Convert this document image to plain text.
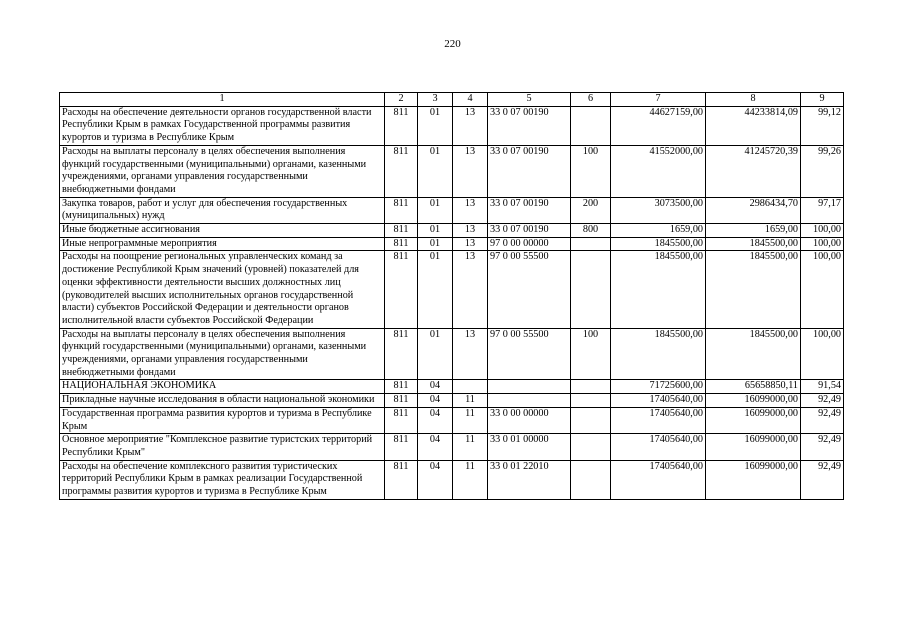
220
1	2	3	4	5	6	7	8	9
Расходы на обеспечение деятельности органов государственной власти Республики Крым в рамках Государственной программы развития курортов и туризма в Республике Крым	811	01	13	33 0 07 00190		44627159,00	44233814,09	99,12
Расходы на выплаты персоналу в целях обеспечения выполнения функций государственными (муниципальными) органами, казенными учреждениями, органами управления государственными внебюджетными фондами	811	01	13	33 0 07 00190	100	41552000,00	41245720,39	99,26
Закупка товаров, работ и услуг для обеспечения государственных (муниципальных) нужд	811	01	13	33 0 07 00190	200	3073500,00	2986434,70	97,17
Иные бюджетные ассигнования	811	01	13	33 0 07 00190	800	1659,00	1659,00	100,00
Иные непрограммные мероприятия	811	01	13	97 0 00 00000		1845500,00	1845500,00	100,00
Расходы на поощрение региональных управленческих команд за достижение Республикой Крым значений (уровней) показателей для оценки эффективности деятельности высших должностных лиц (руководителей высших исполнительных органов государственной власти) субъектов Российской Федерации и деятельности органов исполнительной власти субъектов Российской Федерации	811	01	13	97 0 00 55500		1845500,00	1845500,00	100,00
Расходы на выплаты персоналу в целях обеспечения выполнения функций государственными (муниципальными) органами, казенными учреждениями, органами управления государственными внебюджетными фондами	811	01	13	97 0 00 55500	100	1845500,00	1845500,00	100,00
НАЦИОНАЛЬНАЯ ЭКОНОМИКА	811	04				71725600,00	65658850,11	91,54
Прикладные научные исследования в области национальной экономики	811	04	11			17405640,00	16099000,00	92,49
Государственная программа развития курортов и туризма в Республике Крым	811	04	11	33 0 00 00000		17405640,00	16099000,00	92,49
Основное мероприятие "Комплексное развитие туристских территорий Республики Крым"	811	04	11	33 0 01 00000		17405640,00	16099000,00	92,49
Расходы на обеспечение комплексного развития туристических территорий Республики Крым в рамках реализации Государственной программы развития курортов и туризма в Республике Крым	811	04	11	33 0 01 22010		17405640,00	16099000,00	92,49
